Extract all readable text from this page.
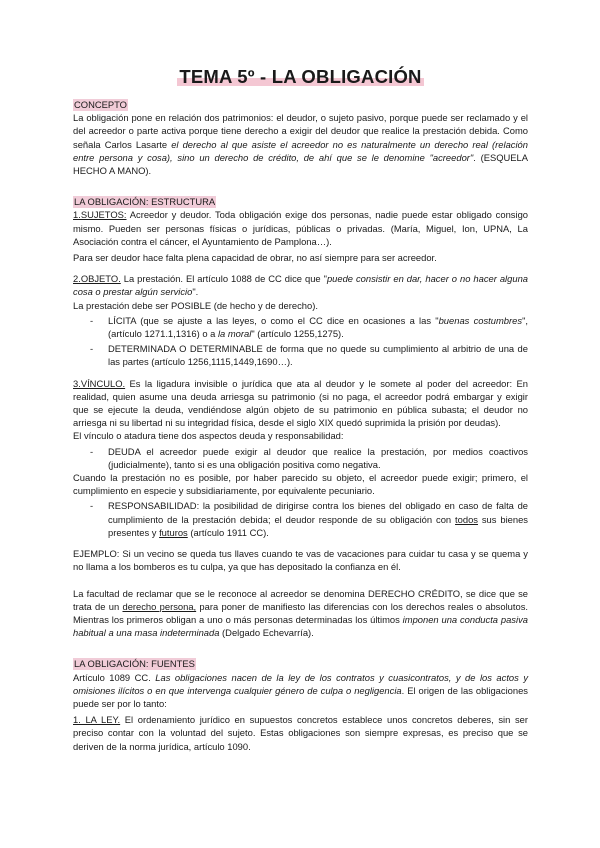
TEMA 5º - LA OBLIGACIÓN
CONCEPTO

La obligación pone en relación dos patrimonios: el deudor, o sujeto pasivo, porque puede ser reclamado y el del acreedor o parte activa porque tiene derecho a exigir del deudor que realice la prestación debida. Como señala Carlos Lasarte el derecho al que asiste el acreedor no es naturalmente un derecho real (relación entre persona y cosa), sino un derecho de crédito, de ahí que se le denomine "acreedor". (ESQUELA HECHO A MANO).

LA OBLIGACIÓN: ESTRUCTURA

1.SUJETOS: Acreedor y deudor. Toda obligación exige dos personas, nadie puede estar obligado consigo mismo. Pueden ser personas físicas o jurídicas, públicas o privadas. (María, Miguel, Ion, UPNA, La Asociación contra el cáncer, el Ayuntamiento de Pamplona…).

Para ser deudor hace falta plena capacidad de obrar, no así siempre para ser acreedor.

2.OBJETO. La prestación. El artículo 1088 de CC dice que "puede consistir en dar, hacer o no hacer alguna cosa o prestar algún servicio".

La prestación debe ser POSIBLE (de hecho y de derecho).

- LÍCITA (que se ajuste a las leyes, o como el CC dice en ocasiones a las "buenas costumbres", (artículo 1271.1,1316) o a la moral" (artículo 1255,1275).
- DETERMINADA O DETERMINABLE de forma que no quede su cumplimiento al arbitrio de una de las partes (artículo 1256,1115,1449,1690…).

3.VÍNCULO. Es la ligadura invisible o jurídica que ata al deudor y le somete al poder del acreedor: En realidad, quien asume una deuda arriesga su patrimonio (si no paga, el acreedor podrá embargar y exigir que se ejecute la deuda, vendiéndose algún objeto de su patrimonio en pública subasta; el deudor no arriesga ni su libertad ni su integridad física, desde el siglo XIX quedó suprimida la prisión por deudas).

El vínculo o atadura tiene dos aspectos deuda y responsabilidad:

- DEUDA el acreedor puede exigir al deudor que realice la prestación, por medios coactivos (judicialmente), tanto si es una obligación positiva como negativa.

Cuando la prestación no es posible, por haber parecido su objeto, el acreedor puede exigir; primero, el cumplimiento en especie y subsidiariamente, por equivalente pecuniario.

- RESPONSABILIDAD: la posibilidad de dirigirse contra los bienes del obligado en caso de falta de cumplimiento de la prestación debida; el deudor responde de su obligación con todos sus bienes presentes y futuros (artículo 1911 CC).

EJEMPLO: Si un vecino se queda tus llaves cuando te vas de vacaciones para cuidar tu casa y se quema y no llama a los bomberos es tu culpa, ya que has depositado la confianza en él.

La facultad de reclamar que se le reconoce al acreedor se denomina DERECHO CRÉDITO, se dice que se trata de un derecho persona, para poner de manifiesto las diferencias con los derechos reales o absolutos. Mientras los primeros obligan a uno o más personas determinadas los últimos imponen una conducta pasiva habitual a una masa indeterminada (Delgado Echevarría).

LA OBLIGACIÓN: FUENTES

Artículo 1089 CC. Las obligaciones nacen de la ley de los contratos y cuasicontratos, y de los actos y omisiones ilícitos o en que intervenga cualquier género de culpa o negligencia. El origen de las obligaciones puede ser por lo tanto:

1. LA LEY. El ordenamiento jurídico en supuestos concretos establece unos concretos deberes, sin ser preciso contar con la voluntad del sujeto. Estas obligaciones son siempre expresas, es preciso que se deriven de la norma jurídica, artículo 1090.
